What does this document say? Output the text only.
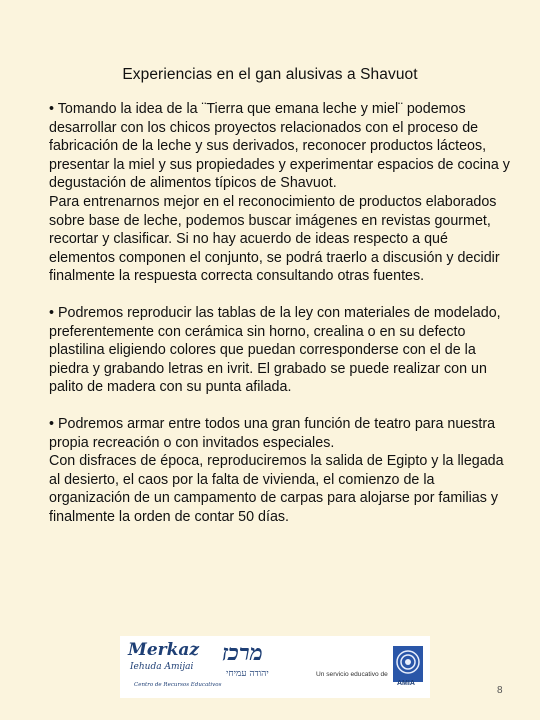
Experiencias en el gan alusivas a Shavuot

• Tomando la idea de la ¨Tierra que emana leche y miel¨ podemos desarrollar con los chicos proyectos relacionados con el proceso de fabricación de la leche y sus derivados, reconocer productos lácteos, presentar la miel y sus propiedades y experimentar espacios de cocina y degustación de alimentos típicos de Shavuot.

Para entrenarnos mejor en el reconocimiento de productos elaborados sobre base de leche, podemos buscar imágenes en revistas gourmet, recortar y clasificar. Si no hay acuerdo de ideas respecto a qué elementos componen el conjunto, se podrá traerlo a discusión y decidir finalmente la respuesta correcta consultando otras fuentes.

• Podremos reproducir las tablas de la ley con materiales de modelado, preferentemente con cerámica sin horno, crealina o en su defecto plastilina eligiendo colores que puedan corresponderse con el de la piedra y grabando letras en ivrit. El grabado se puede realizar con un palito de madera con su punta afilada.

• Podremos armar entre todos una gran función de teatro para nuestra propia recreación o con invitados especiales.

Con disfraces de época, reproduciremos la salida de Egipto y la llegada al desierto, el caos por la falta de vivienda, el comienzo de la organización de un campamento de carpas para alojarse por familias y finalmente la orden de contar 50 días.

Merkaz
Iehuda Amijai
Centro de Recursos Educativos
מרכז
יהודה עמיחי	Un servicio educativo de
AMIA
8
